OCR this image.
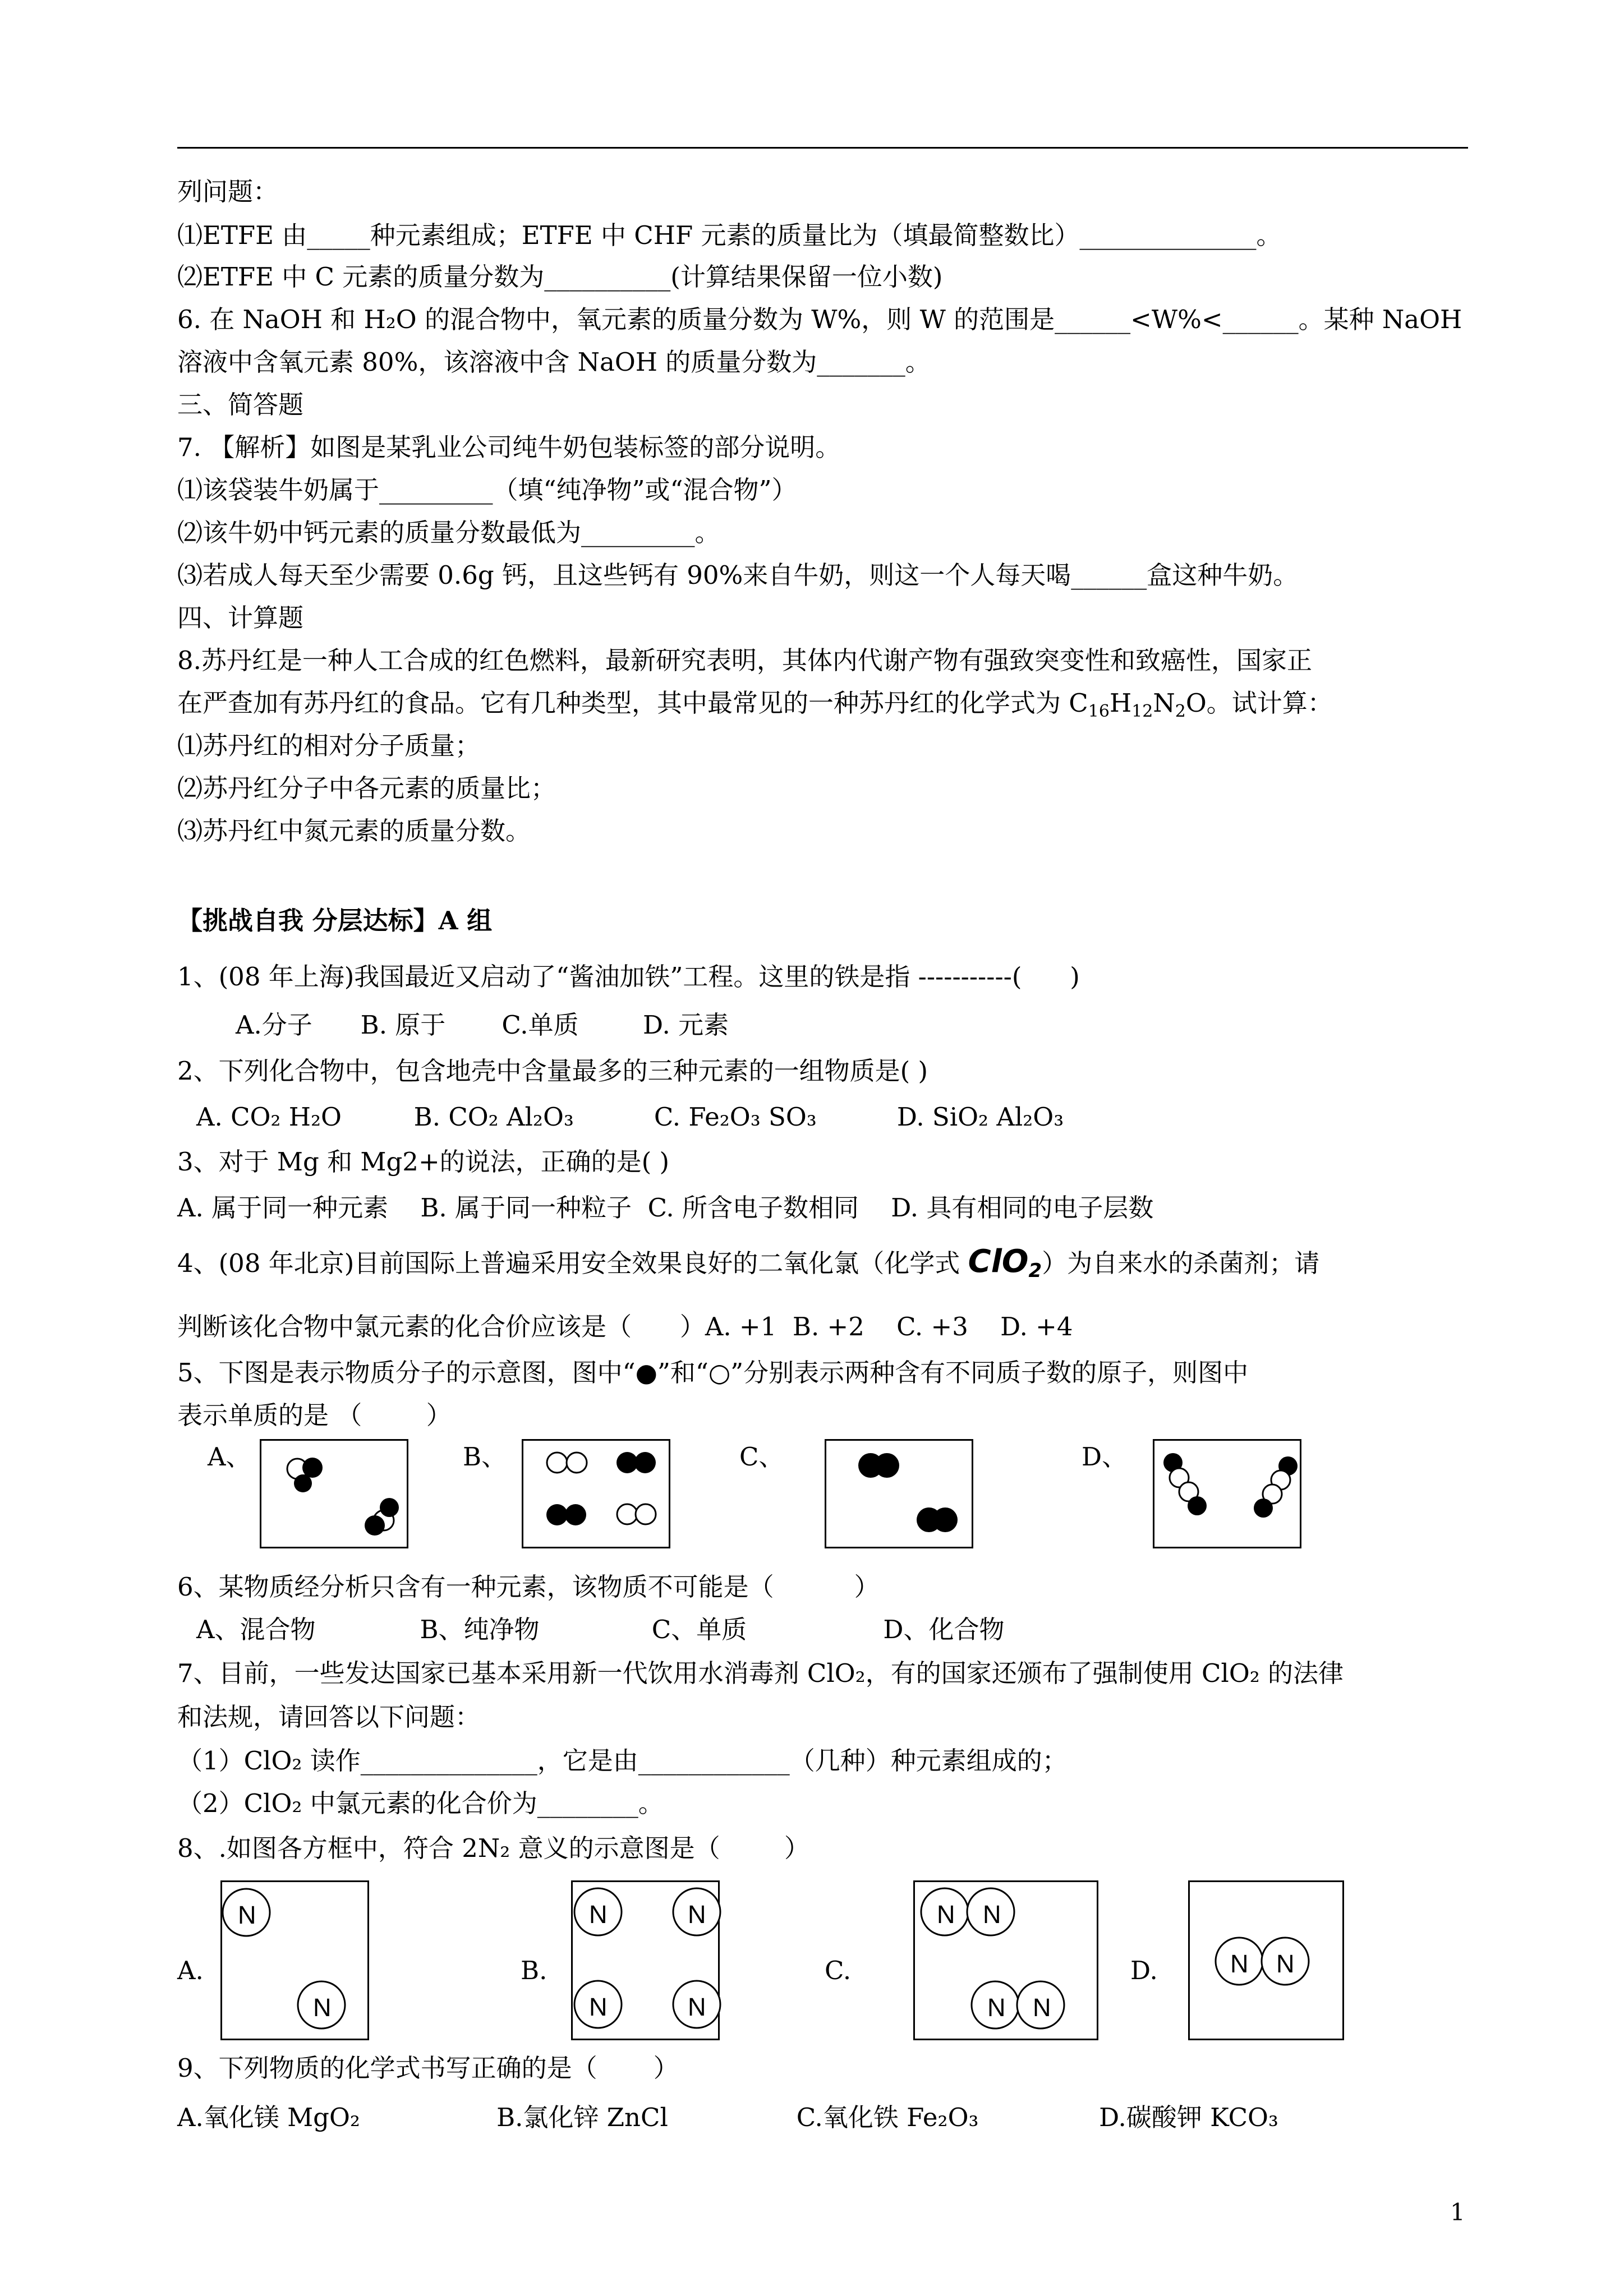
列问题：
⑴ETFE 由_____种元素组成；ETFE 中 CHF 元素的质量比为（填最简整数比）______________。
⑵ETFE 中 C 元素的质量分数为__________(计算结果保留一位小数)
6. 在 NaOH 和 H₂O 的混合物中，氧元素的质量分数为 W%，则 W 的范围是______<W%<______。某种 NaOH
溶液中含氧元素 80%，该溶液中含 NaOH 的质量分数为_______。
三、简答题
7. 【解析】如图是某乳业公司纯牛奶包装标签的部分说明。
⑴该袋装牛奶属于_________（填“纯净物”或“混合物”）
⑵该牛奶中钙元素的质量分数最低为_________。
⑶若成人每天至少需要 0.6g 钙，且这些钙有 90%来自牛奶，则这一个人每天喝______盒这种牛奶。
四、计算题
8.苏丹红是一种人工合成的红色燃料，最新研究表明，其体内代谢产物有强致突变性和致癌性，国家正
在严查加有苏丹红的食品。它有几种类型，其中最常见的一种苏丹红的化学式为 $C_{16}H_{12}N_2O$。试计算：
⑴苏丹红的相对分子质量；
⑵苏丹红分子中各元素的质量比；
⑶苏丹红中氮元素的质量分数。
【挑战自我 分层达标】A 组
1、(08 年上海)我国最近又启动了“酱油加铁”工程。这里的铁是指 -----------(      )
A.分子      B. 原于       C.单质        D. 元素
2、下列化合物中，包含地壳中含量最多的三种元素的一组物质是( )
A. CO₂ H₂O         B. CO₂ Al₂O₃          C. Fe₂O₃ SO₃          D. SiO₂ Al₂O₃
3、对于 Mg 和 Mg2+的说法，正确的是( )
A. 属于同一种元素    B. 属于同一种粒子  C. 所含电子数相同    D. 具有相同的电子层数
4、(08 年北京)目前国际上普遍采用安全效果良好的二氧化氯（化学式 ClO$_2$）为自来水的杀菌剂；请
判断该化合物中氯元素的化合价应该是（      ）A. +1  B. +2    C. +3    D. +4
5、下图是表示物质分子的示意图，图中“●”和“○”分别表示两种含有不同质子数的原子，则图中
表示单质的是 （        ）
A、	B、	C、	D、
6、某物质经分析只含有一种元素，该物质不可能是（          ）
A、混合物             B、纯净物              C、单质                 D、化合物
7、目前，一些发达国家已基本采用新一代饮用水消毒剂 ClO₂，有的国家还颁布了强制使用 ClO₂ 的法律
和法规，请回答以下问题：
（1）ClO₂ 读作______________，它是由____________（几种）种元素组成的；
（2）ClO₂ 中氯元素的化合价为________。
8、.如图各方框中，符合 2N₂ 意义的示意图是（        ）
A.
N
N
B.
N	N
N	N
C.
N N
N N
D.	N N
9、下列物质的化学式书写正确的是（       ）
A.氧化镁 MgO₂                 B.氯化锌 ZnCl                C.氧化铁 Fe₂O₃               D.碳酸钾 KCO₃
1
